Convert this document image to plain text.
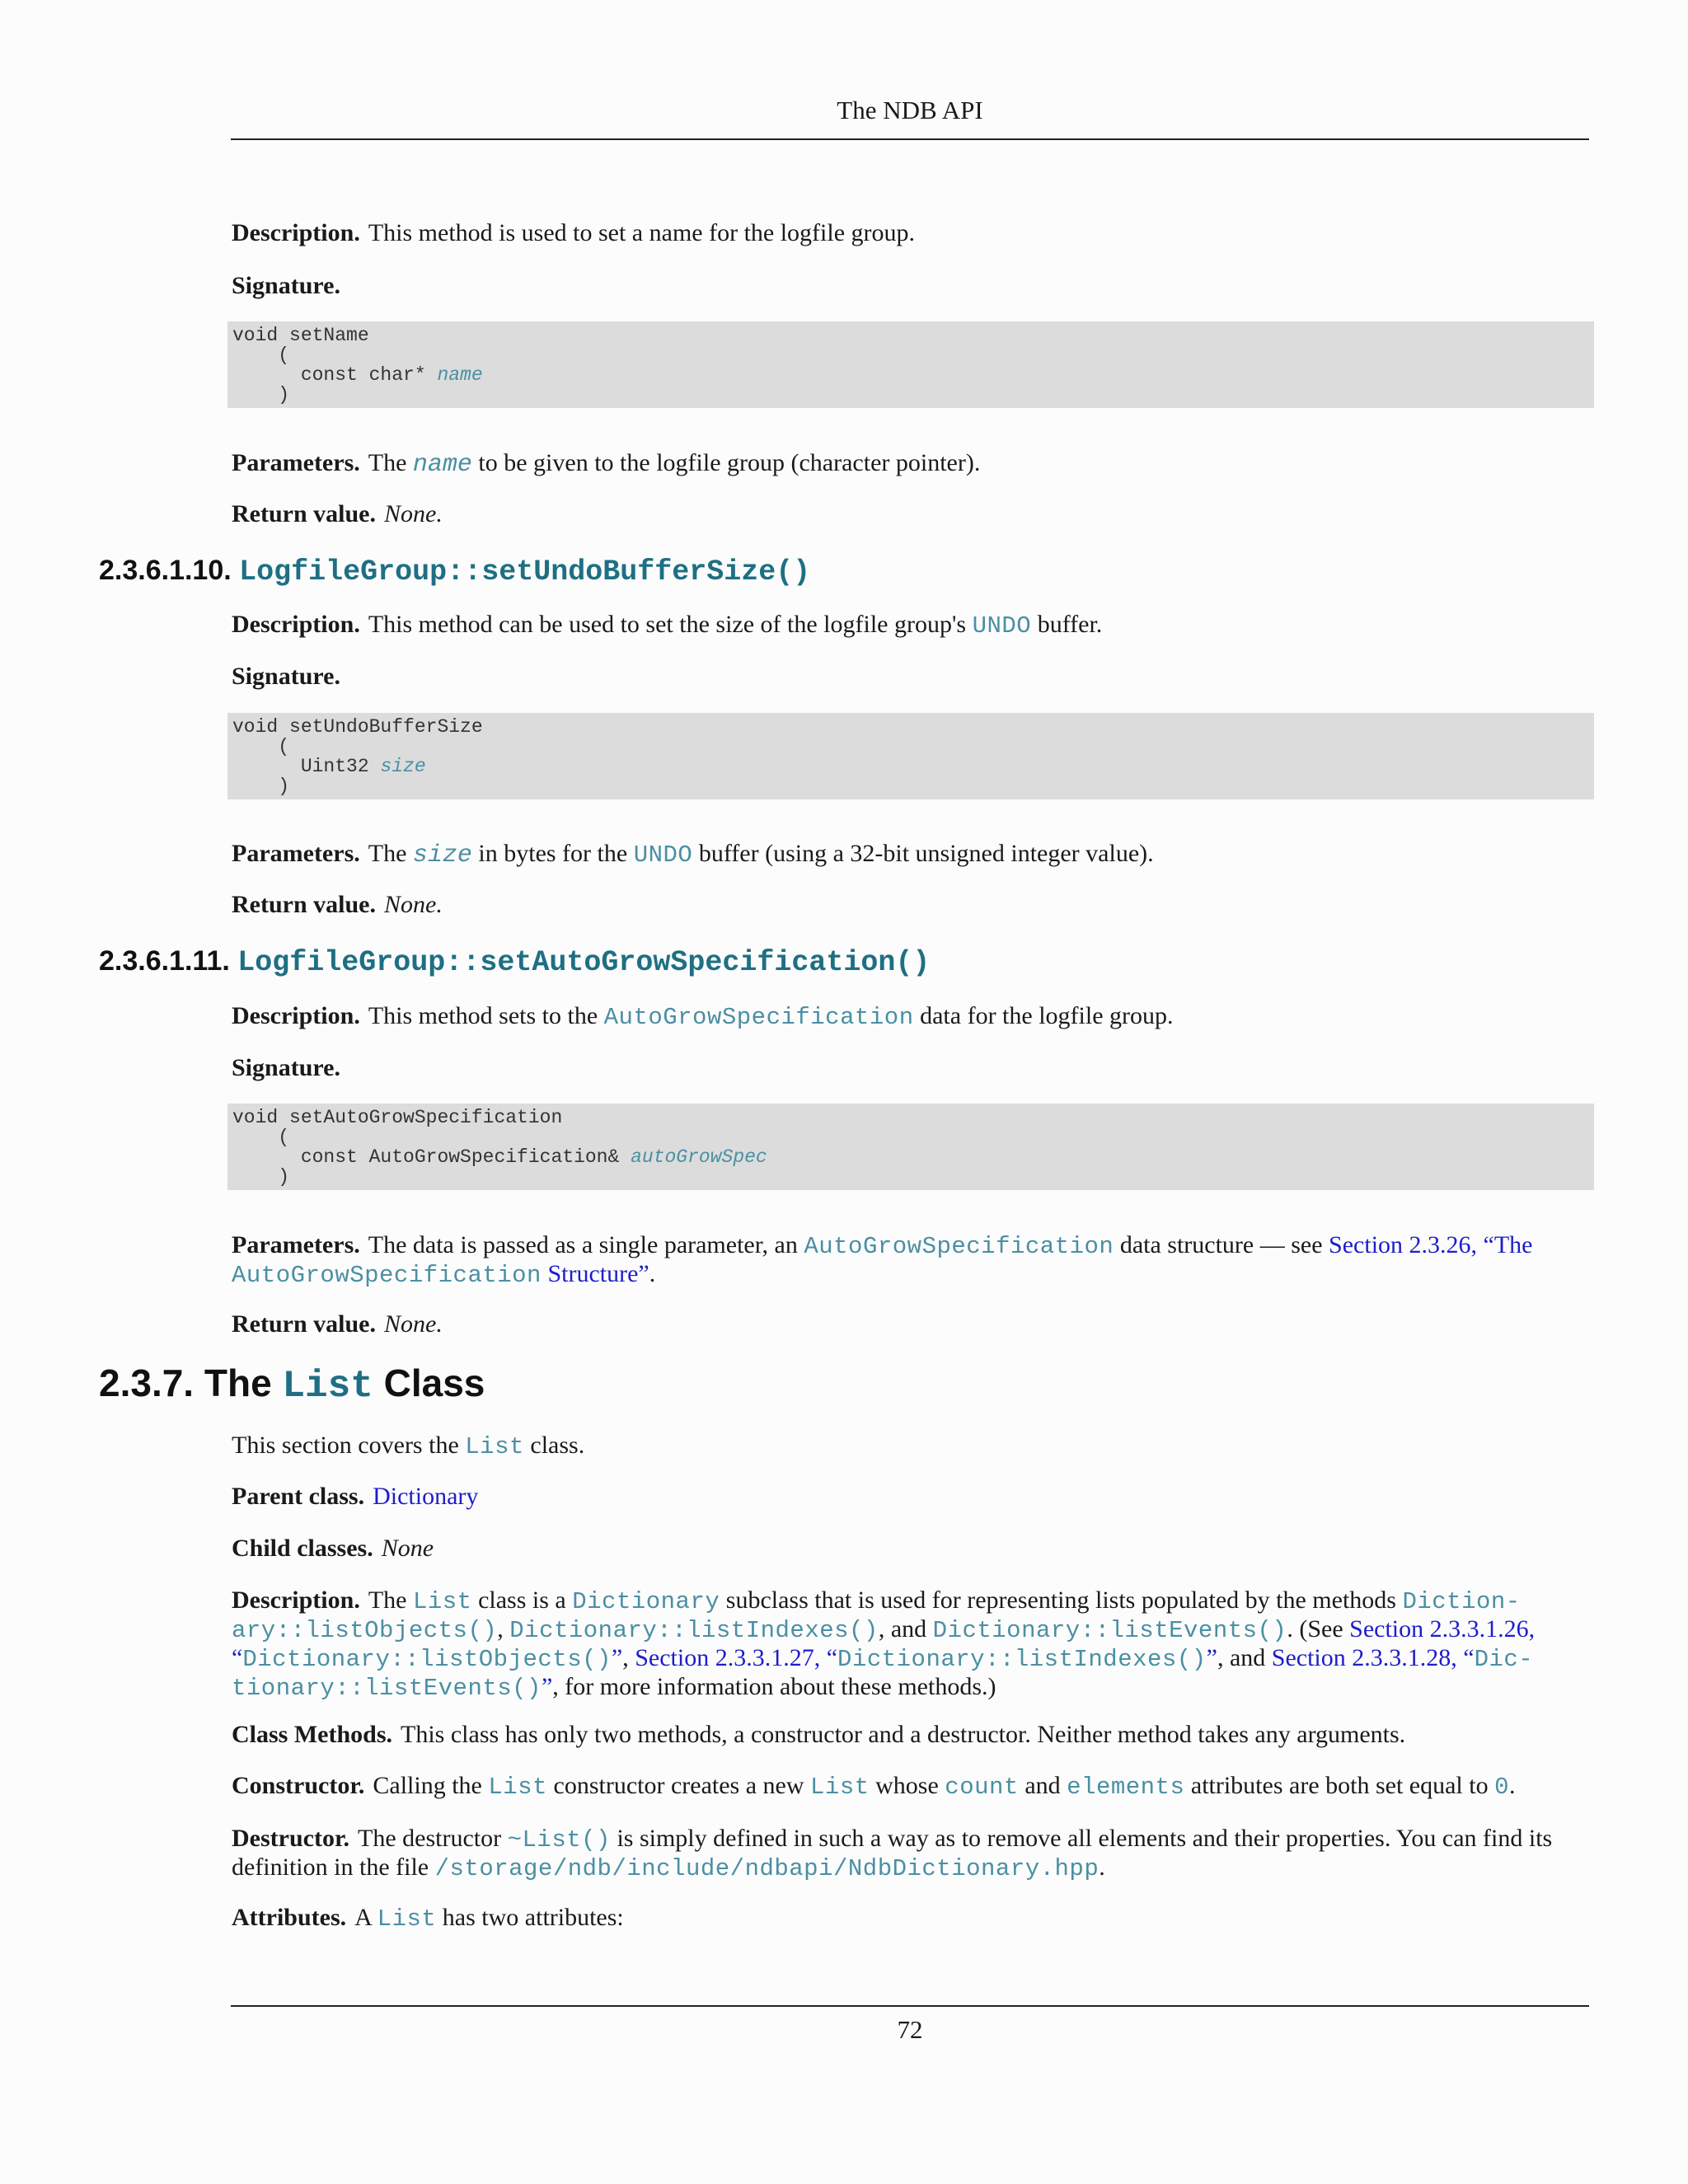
The NDB API

Description. This method is used to set a name for the logfile group.

Signature.

void setName
(
const char* name
)

Parameters. The name to be given to the logfile group (character pointer).

Return value. None.

2.3.6.1.10. LogfileGroup::setUndoBufferSize()

Description. This method can be used to set the size of the logfile group's UNDO buffer.

Signature.

void setUndoBufferSize
(
Uint32 size
)

Parameters. The size in bytes for the UNDO buffer (using a 32-bit unsigned integer value).

Return value. None.

2.3.6.1.11. LogfileGroup::setAutoGrowSpecification()

Description. This method sets to the AutoGrowSpecification data for the logfile group.

Signature.

void setAutoGrowSpecification
(
const AutoGrowSpecification& autoGrowSpec
)

Parameters. The data is passed as a single parameter, an AutoGrowSpecification data structure — see Section 2.3.26, “The
AutoGrowSpecification Structure”.

Return value. None.

2.3.7. The List Class

This section covers the List class.

Parent class. Dictionary

Child classes. None

Description. The List class is a Dictionary subclass that is used for representing lists populated by the methods Diction-
ary::listObjects(), Dictionary::listIndexes(), and Dictionary::listEvents(). (See Section 2.3.3.1.26,
“Dictionary::listObjects()”, Section 2.3.3.1.27, “Dictionary::listIndexes()”, and Section 2.3.3.1.28, “Dic-
tionary::listEvents()”, for more information about these methods.)

Class Methods. This class has only two methods, a constructor and a destructor. Neither method takes any arguments.

Constructor. Calling the List constructor creates a new List whose count and elements attributes are both set equal to 0.

Destructor. The destructor ~List() is simply defined in such a way as to remove all elements and their properties. You can find its definition in the file /storage/ndb/include/ndbapi/NdbDictionary.hpp.

Attributes. A List has two attributes:

72
